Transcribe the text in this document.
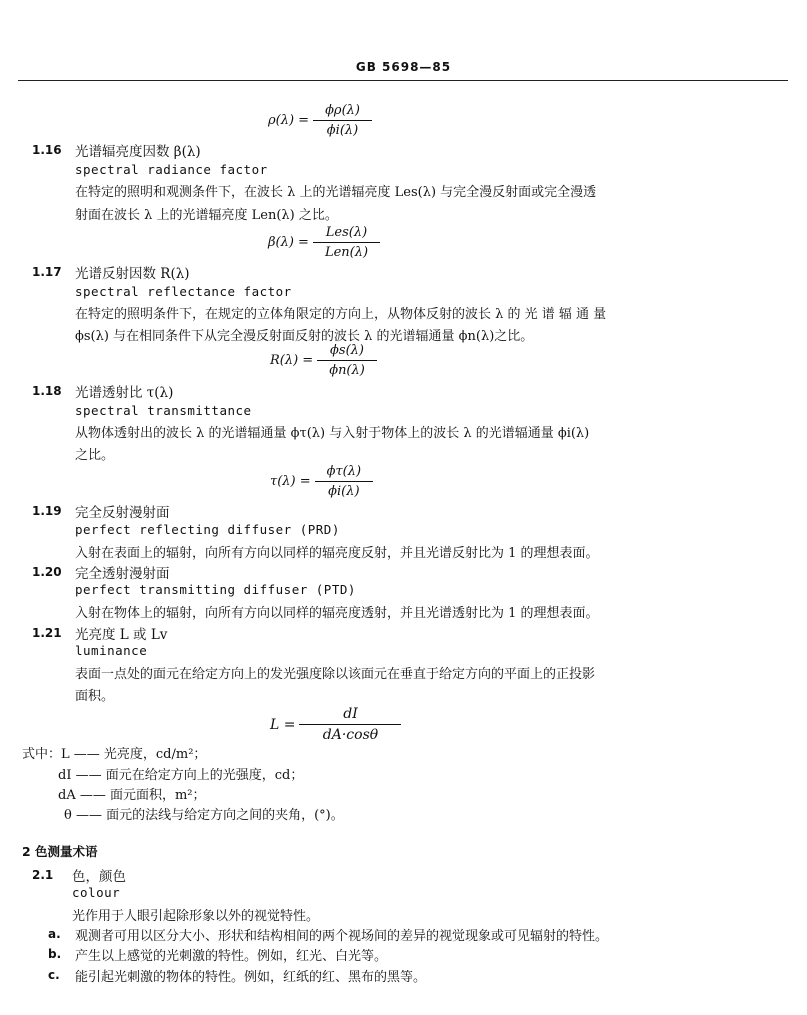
GB 5698—85
ρ(λ) =
ϕρ(λ)
ϕi(λ)
1.16 光谱辐亮度因数 β(λ)
spectral radiance factor
在特定的照明和观测条件下，在波长 λ 上的光谱辐亮度 Les(λ) 与完全漫反射面或完全漫透
射面在波长 λ 上的光谱辐亮度 Len(λ) 之比。
β(λ) =
Les(λ)
Len(λ)
1.17 光谱反射因数 R(λ)
spectral reflectance factor
在特定的照明条件下，在规定的立体角限定的方向上，从物体反射的波长 λ 的 光 谱 辐 通 量
ϕs(λ) 与在相同条件下从完全漫反射面反射的波长 λ 的光谱辐通量 ϕn(λ)之比。
R(λ) =
ϕs(λ)
ϕn(λ)
1.18 光谱透射比 τ(λ)
spectral transmittance
从物体透射出的波长 λ 的光谱辐通量 ϕτ(λ) 与入射于物体上的波长 λ 的光谱辐通量 ϕi(λ)
之比。
τ(λ) =
ϕτ(λ)
ϕi(λ)
1.19 完全反射漫射面
perfect reflecting diffuser (PRD)
入射在表面上的辐射，向所有方向以同样的辐亮度反射，并且光谱反射比为 1 的理想表面。
1.20 完全透射漫射面
perfect transmitting diffuser (PTD)
入射在物体上的辐射，向所有方向以同样的辐亮度透射，并且光谱透射比为 1 的理想表面。
1.21 光亮度 L 或 Lv
luminance
表面一点处的面元在给定方向上的发光强度除以该面元在垂直于给定方向的平面上的正投影
面积。
L =
dI
dA·cosθ
式中：L —— 光亮度，cd/m²；
dI —— 面元在给定方向上的光强度，cd；
dA —— 面元面积，m²；
θ —— 面元的法线与给定方向之间的夹角，(°)。
2 色测量术语
2.1 色，颜色
colour
光作用于人眼引起除形象以外的视觉特性。
a. 观测者可用以区分大小、形状和结构相间的两个视场间的差异的视觉现象或可见辐射的特性。
b. 产生以上感觉的光刺激的特性。例如，红光、白光等。
c. 能引起光刺激的物体的特性。例如，红纸的红、黑布的黑等。
